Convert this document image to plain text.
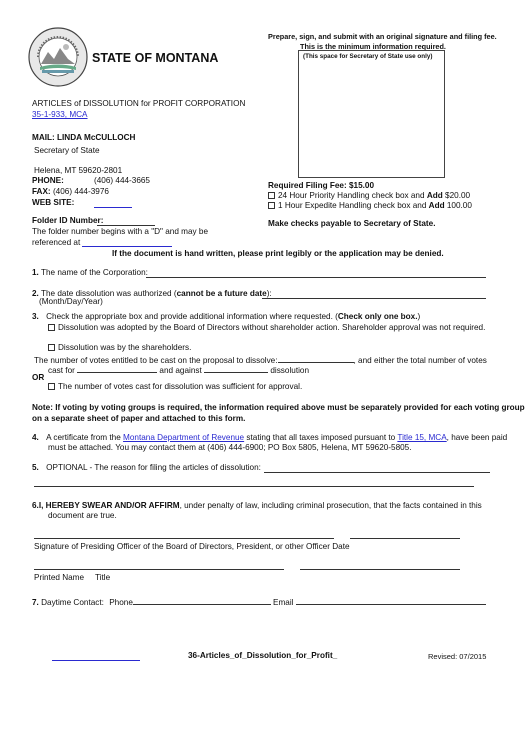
STATE OF MONTANA
Prepare, sign, and submit with an original signature and filing fee.
This is the minimum information required.
(This space for Secretary of State use only)
ARTICLES of DISSOLUTION for PROFIT CORPORATION
35-1-933, MCA
MAIL: LINDA McCULLOCH
Secretary of State
Helena, MT 59620-2801
PHONE:	(406) 444-3665
FAX: (406) 444-3976
WEB SITE:
Required Filing Fee: $15.00
24 Hour Priority Handling check box and Add $20.00
1 Hour Expedite Handling check box and Add 100.00
Make checks payable to Secretary of State.
Folder ID Number:
The folder number begins with a "D" and may be
referenced at
If the document is hand written, please print legibly or the application may be denied.
1. The name of the Corporation:
2. The date dissolution was authorized (cannot be a future date):
(Month/Day/Year)
3. Check the appropriate box and provide additional information where requested. (Check only one box.)
Dissolution was adopted by the Board of Directors without shareholder action. Shareholder approval was not required.
Dissolution was by the shareholders.
The number of votes entitled to be cast on the proposal to dissolve:	, and either the total number of votes
cast for	and against	dissolution
OR
The number of votes cast for dissolution was sufficient for approval.
Note: If voting by voting groups is required, the information required above must be separately provided for each voting group
on a separate sheet of paper and attached to this form.
4. A certificate from the Montana Department of Revenue stating that all taxes imposed pursuant to Title 15, MCA, have been paid
must be attached. You may contact them at (406) 444-6900; PO Box 5805, Helena, MT 59620-5805.
5. OPTIONAL - The reason for filing the articles of dissolution:
6.I, HEREBY SWEAR AND/OR AFFIRM, under penalty of law, including criminal prosecution, that the facts contained in this
document are true.
Signature of Presiding Officer of the Board of Directors, President, or other Officer Date
Printed Name Title
7. Daytime Contact: Phone	Email
36-Articles_of_Dissolution_for_Profit_	Revised: 07/2015
